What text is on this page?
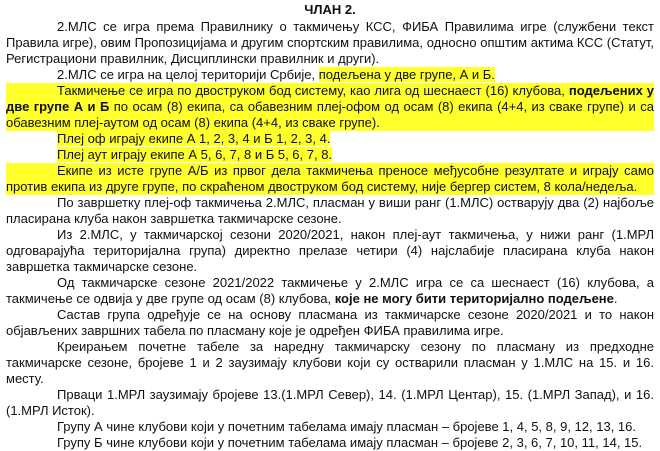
ЧЛАН 2.

2.МЛС се игра према Правилнику о такмичењу КСС, ФИБА Правилима игре (службени текст Правила игре), овим Пропозицијама и другим спортским правилима, односно општим актима КСС (Статут, Регистрациони правилник, Дисциплински правилник и други).

2.МЛС се игра на целој територији Србије, подељена у две групе, А и Б.

Такмичење се игра по двоструком бод систему, као лига од шеснаест (16) клубова, подељених у две групе А и Б по осам (8) екипа, са обавезним плеј-офом од осам (8) екипа (4+4, из сваке групе) и са обавезним плеј-аутом од осам (8) екипа (4+4, из сваке групе).

Плеј оф играју екипе А 1, 2, 3, 4 и Б 1, 2, 3, 4.

Плеј аут играју екипе А 5, 6, 7, 8 и Б 5, 6, 7, 8.

Екипе из исте групе А/Б из првог дела такмичења преносе међусобне резултате и играју само против екипа из друге групе, по скраћеном двоструком бод систему, није бергер систем, 8 кола/недеља.

По завршетку плеј-оф такмичења 2.МЛС, пласман у виши ранг (1.МЛС) остварују два (2) најбоље пласирана клуба након завршетка такмичарске сезоне.

Из 2.МЛС, у такмичарској сезони 2020/2021, након плеј-аут такмичења, у нижи ранг (1.МРЛ одговарајућа територијална група) директно прелазе четири (4) најслабије пласирана клуба након завршетка такмичарске сезоне.

Од такмичарске сезоне 2021/2022 такмичење у 2.МЛС игра се са шеснаест (16) клубова, а такмичење се одвија у две групе од осам (8) клубова, које не могу бити територијално подељене.

Састав група одређује се на основу пласмана из такмичарске сезоне 2020/2021 и то након објављених завршних табела по пласману које је одређен ФИБА правилима игре.

Креирањем почетне табеле за наредну такмичарску сезону по пласману из предходне такмичарске сезоне, бројеве 1 и 2 заузимају клубови који су остварили пласман у 1.МЛС на 15. и 16. месту.

Првaци 1.МРЛ заузимају бројеве 13.(1.МРЛ Север), 14. (1.МРЛ Центар), 15. (1.МРЛ Запад), и 16. (1.МРЛ Исток).

Групу А чине клубови који у почетним табелама имају пласман – бројеве 1, 4, 5, 8, 9, 12, 13, 16.

Групу Б чине клубови који у почетним табелама имају пласман – бројеве 2, 3, 6, 7, 10, 11, 14, 15.
